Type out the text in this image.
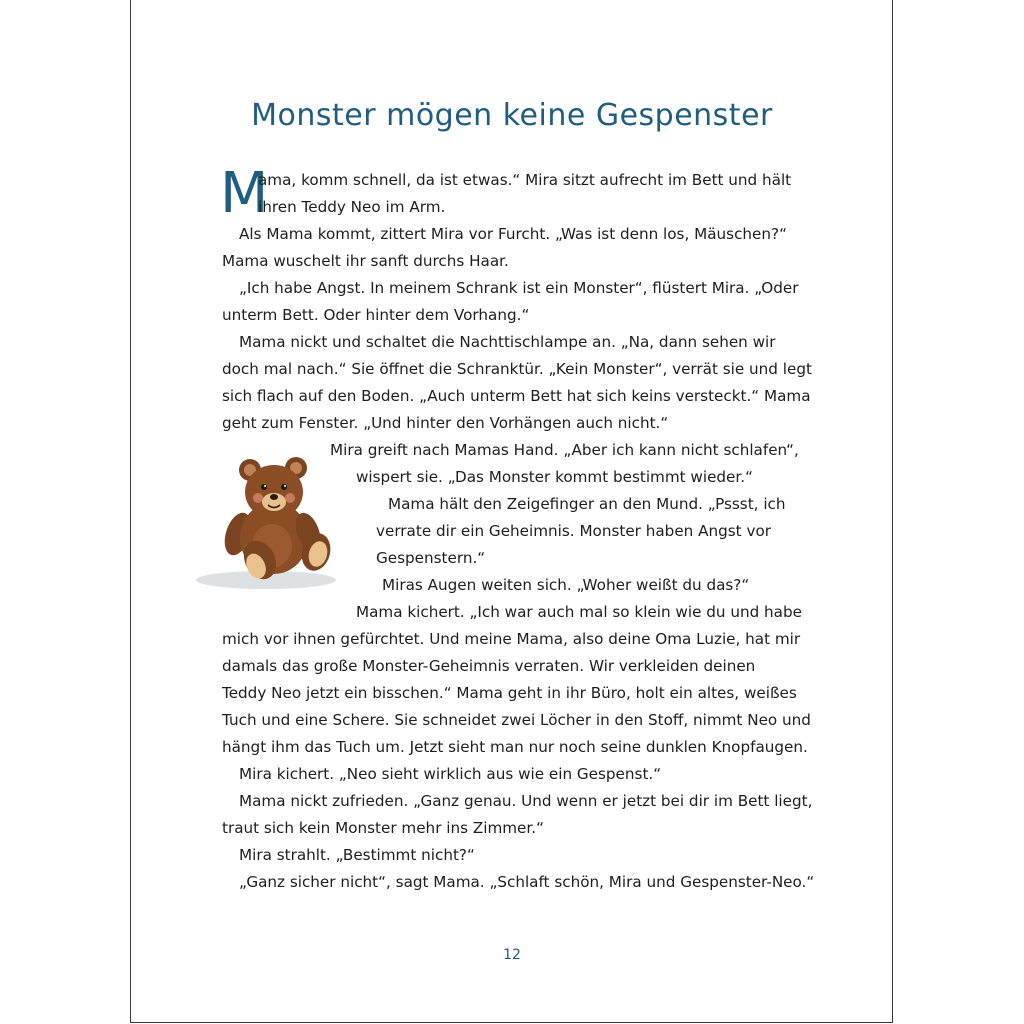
Monster mögen keine Gespenster
M
ama, komm schnell, da ist etwas.“ Mira sitzt aufrecht im Bett und hält
ihren Teddy Neo im Arm.
Als Mama kommt, zittert Mira vor Furcht. „Was ist denn los, Mäuschen?“
Mama wuschelt ihr sanft durchs Haar.
„Ich habe Angst. In meinem Schrank ist ein Monster“, flüstert Mira. „Oder
unterm Bett. Oder hinter dem Vorhang.“
Mama nickt und schaltet die Nachttischlampe an. „Na, dann sehen wir
doch mal nach.“ Sie öffnet die Schranktür. „Kein Monster“, verrät sie und legt
sich flach auf den Boden. „Auch unterm Bett hat sich keins versteckt.“ Mama
geht zum Fenster. „Und hinter den Vorhängen auch nicht.“
Mira greift nach Mamas Hand. „Aber ich kann nicht schlafen“,
wispert sie. „Das Monster kommt bestimmt wieder.“
Mama hält den Zeigefinger an den Mund. „Pssst, ich
verrate dir ein Geheimnis. Monster haben Angst vor
Gespenstern.“
Miras Augen weiten sich. „Woher weißt du das?“
Mama kichert. „Ich war auch mal so klein wie du und habe
mich vor ihnen gefürchtet. Und meine Mama, also deine Oma Luzie, hat mir
damals das große Monster-Geheimnis verraten. Wir verkleiden deinen
Teddy Neo jetzt ein bisschen.“ Mama geht in ihr Büro, holt ein altes, weißes
Tuch und eine Schere. Sie schneidet zwei Löcher in den Stoff, nimmt Neo und
hängt ihm das Tuch um. Jetzt sieht man nur noch seine dunklen Knopfaugen.
Mira kichert. „Neo sieht wirklich aus wie ein Gespenst.“
Mama nickt zufrieden. „Ganz genau. Und wenn er jetzt bei dir im Bett liegt,
traut sich kein Monster mehr ins Zimmer.“
Mira strahlt. „Bestimmt nicht?“
„Ganz sicher nicht“, sagt Mama. „Schlaft schön, Mira und Gespenster-Neo.“
12
